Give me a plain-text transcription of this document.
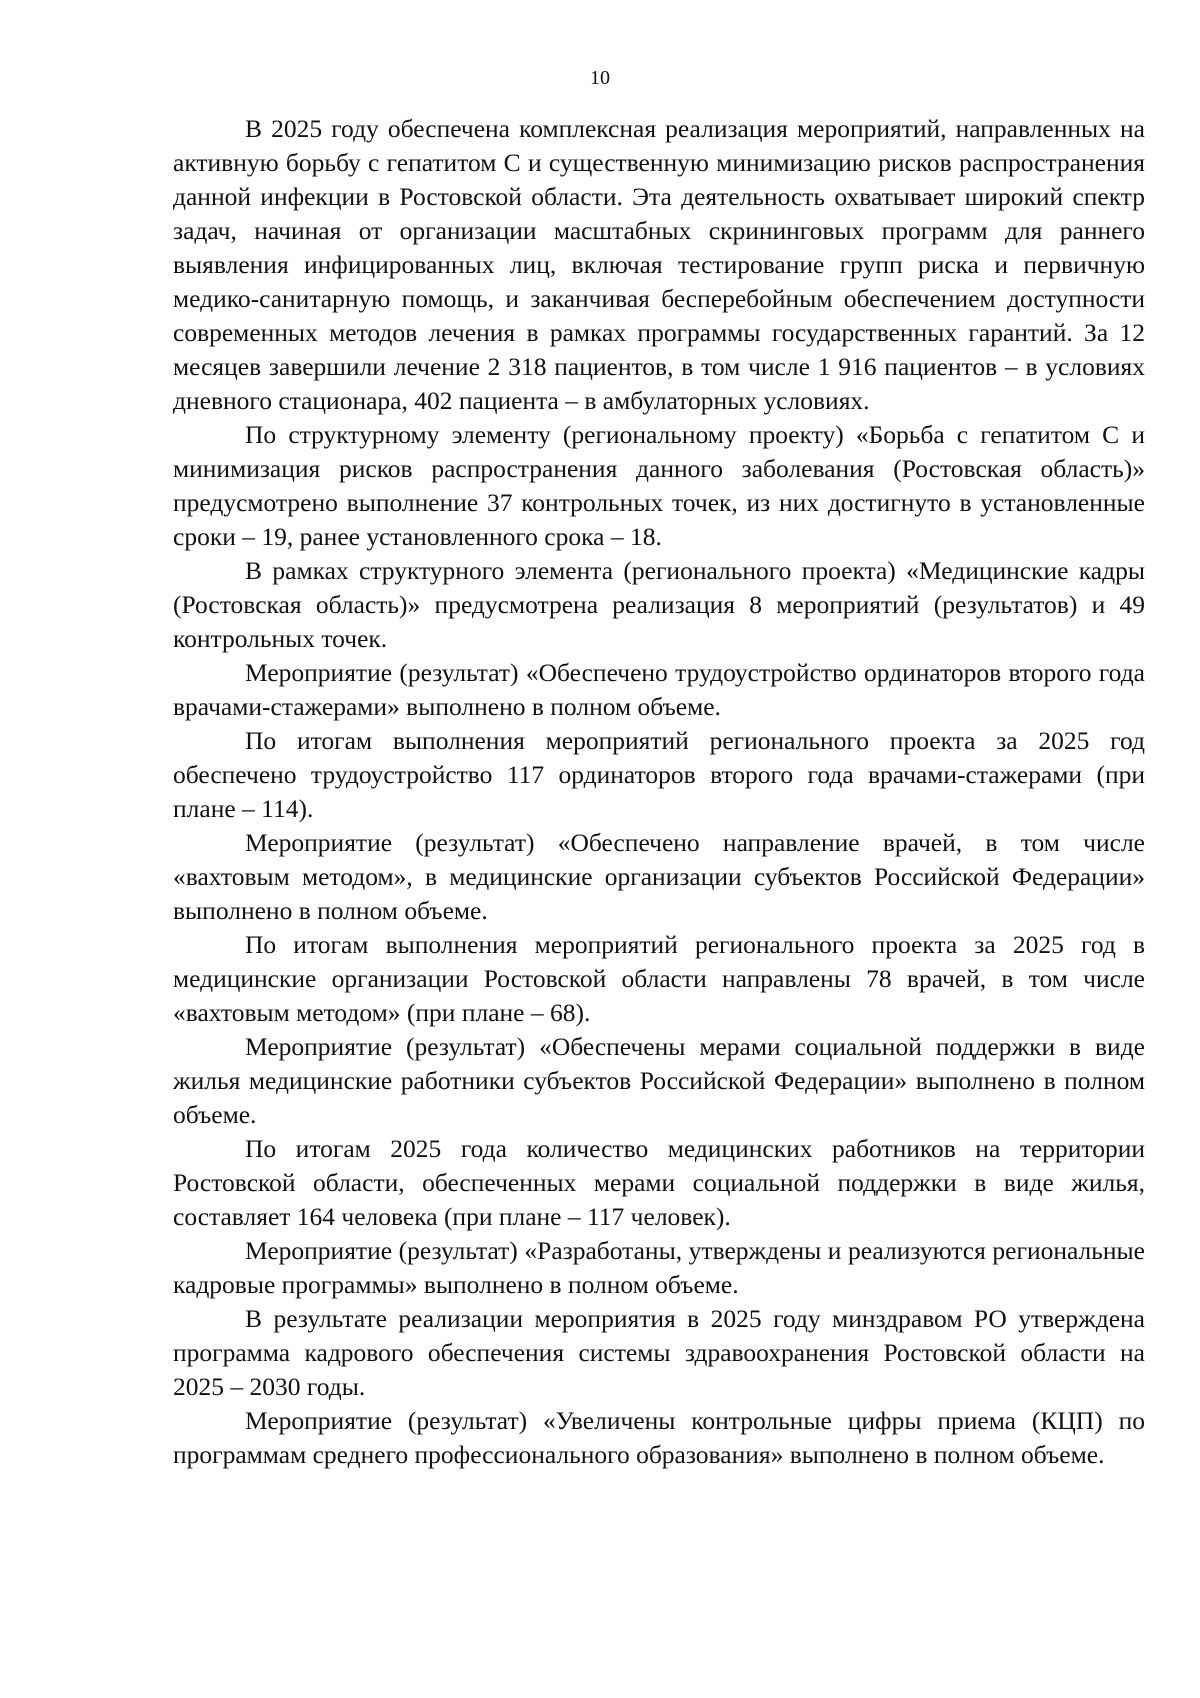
10

В 2025 году обеспечена комплексная реализация мероприятий, направленных на активную борьбу с гепатитом С и существенную минимизацию рисков распространения данной инфекции в Ростовской области. Эта деятельность охватывает широкий спектр задач, начиная от организации масштабных скрининговых программ для раннего выявления инфицированных лиц, включая тестирование групп риска и первичную медико-санитарную помощь, и заканчивая бесперебойным обеспечением доступности современных методов лечения в рамках программы государственных гарантий. За 12 месяцев завершили лечение 2 318 пациентов, в том числе 1 916 пациентов – в условиях дневного стационара, 402 пациента – в амбулаторных условиях.

По структурному элементу (региональному проекту) «Борьба с гепатитом С и минимизация рисков распространения данного заболевания (Ростовская область)» предусмотрено выполнение 37 контрольных точек, из них достигнуто в установленные сроки – 19, ранее установленного срока – 18.

В рамках структурного элемента (регионального проекта) «Медицинские кадры (Ростовская область)» предусмотрена реализация 8 мероприятий (результатов) и 49 контрольных точек.

Мероприятие (результат) «Обеспечено трудоустройство ординаторов второго года врачами-стажерами» выполнено в полном объеме.

По итогам выполнения мероприятий регионального проекта за 2025 год обеспечено трудоустройство 117 ординаторов второго года врачами-стажерами (при плане – 114).

Мероприятие (результат) «Обеспечено направление врачей, в том числе «вахтовым методом», в медицинские организации субъектов Российской Федерации» выполнено в полном объеме.

По итогам выполнения мероприятий регионального проекта за 2025 год в медицинские организации Ростовской области направлены 78 врачей, в том числе «вахтовым методом» (при плане – 68).

Мероприятие (результат) «Обеспечены мерами социальной поддержки в виде жилья медицинские работники субъектов Российской Федерации» выполнено в полном объеме.

По итогам 2025 года количество медицинских работников на территории Ростовской области, обеспеченных мерами социальной поддержки в виде жилья, составляет 164 человека (при плане – 117 человек).

Мероприятие (результат) «Разработаны, утверждены и реализуются региональные кадровые программы» выполнено в полном объеме.

В результате реализации мероприятия в 2025 году минздравом РО утверждена программа кадрового обеспечения системы здравоохранения Ростовской области на 2025 – 2030 годы.

Мероприятие (результат) «Увеличены контрольные цифры приема (КЦП) по программам среднего профессионального образования» выполнено в полном объеме.
